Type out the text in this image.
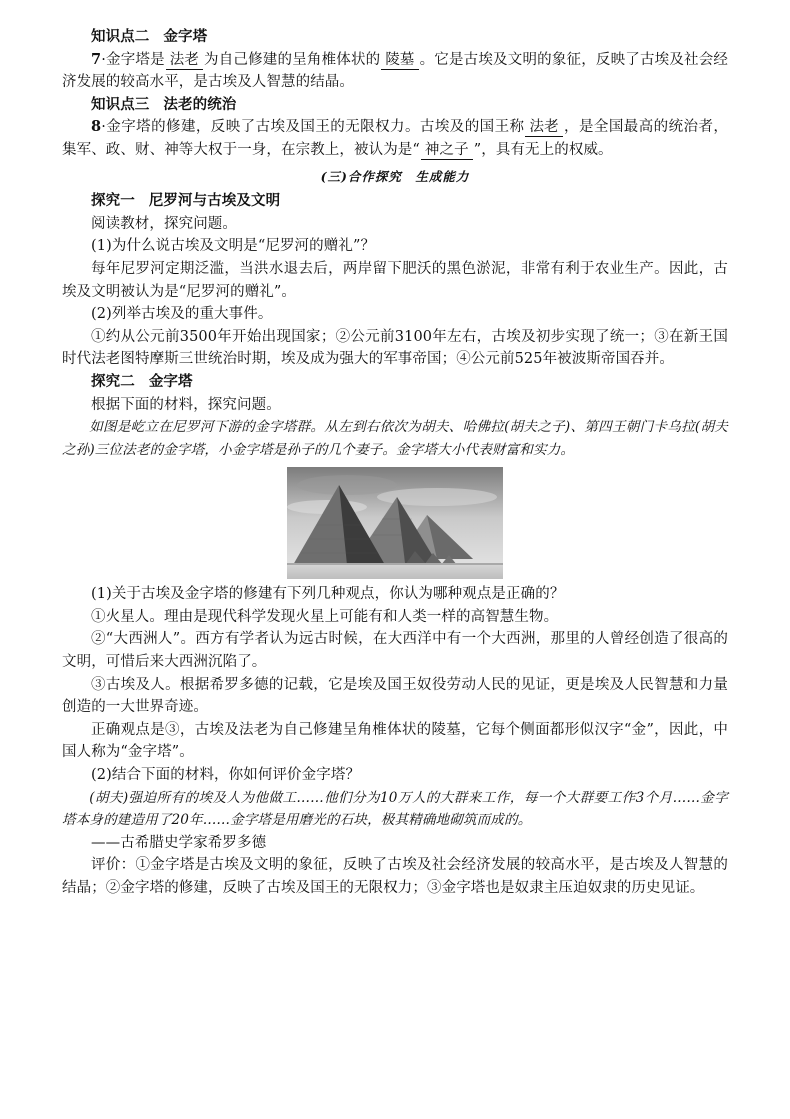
知识点二 金字塔

7·金字塔是 法老 为自己修建的呈角椎体状的 陵墓 。它是古埃及文明的象征，反映了古埃及社会经济发展的较高水平，是古埃及人智慧的结晶。

知识点三 法老的统治

8·金字塔的修建，反映了古埃及国王的无限权力。古埃及的国王称 法老 ，是全国最高的统治者，集军、政、财、神等大权于一身，在宗教上，被认为是“ 神之子 ”，具有无上的权威。

(三)合作探究　生成能力

探究一 尼罗河与古埃及文明

阅读教材，探究问题。

(1)为什么说古埃及文明是“尼罗河的赠礼”？

每年尼罗河定期泛滥，当洪水退去后，两岸留下肥沃的黑色淤泥，非常有利于农业生产。因此，古埃及文明被认为是“尼罗河的赠礼”。

(2)列举古埃及的重大事件。

①约从公元前3500年开始出现国家；②公元前3100年左右，古埃及初步实现了统一；③在新王国时代法老图特摩斯三世统治时期，埃及成为强大的军事帝国；④公元前525年被波斯帝国吞并。

探究二 金字塔

根据下面的材料，探究问题。

如图是屹立在尼罗河下游的金字塔群。从左到右依次为胡夫、哈佛拉(胡夫之子)、第四王朝门卡乌拉(胡夫之孙)三位法老的金字塔，小金字塔是孙子的几个妻子。金字塔大小代表财富和实力。

(1)关于古埃及金字塔的修建有下列几种观点，你认为哪种观点是正确的？

①火星人。理由是现代科学发现火星上可能有和人类一样的高智慧生物。

②“大西洲人”。西方有学者认为远古时候，在大西洋中有一个大西洲，那里的人曾经创造了很高的文明，可惜后来大西洲沉陷了。

③古埃及人。根据希罗多德的记载，它是埃及国王奴役劳动人民的见证，更是埃及人民智慧和力量创造的一大世界奇迹。

正确观点是③，古埃及法老为自己修建呈角椎体状的陵墓，它每个侧面都形似汉字“金”，因此，中国人称为“金字塔”。

(2)结合下面的材料，你如何评价金字塔？

(胡夫)强迫所有的埃及人为他做工……他们分为10万人的大群来工作，每一个大群要工作3个月……金字塔本身的建造用了20年……金字塔是用磨光的石块，极其精确地砌筑而成的。

——古希腊史学家希罗多德

评价：①金字塔是古埃及文明的象征，反映了古埃及社会经济发展的较高水平，是古埃及人智慧的结晶；②金字塔的修建，反映了古埃及国王的无限权力；③金字塔也是奴隶主压迫奴隶的历史见证。
